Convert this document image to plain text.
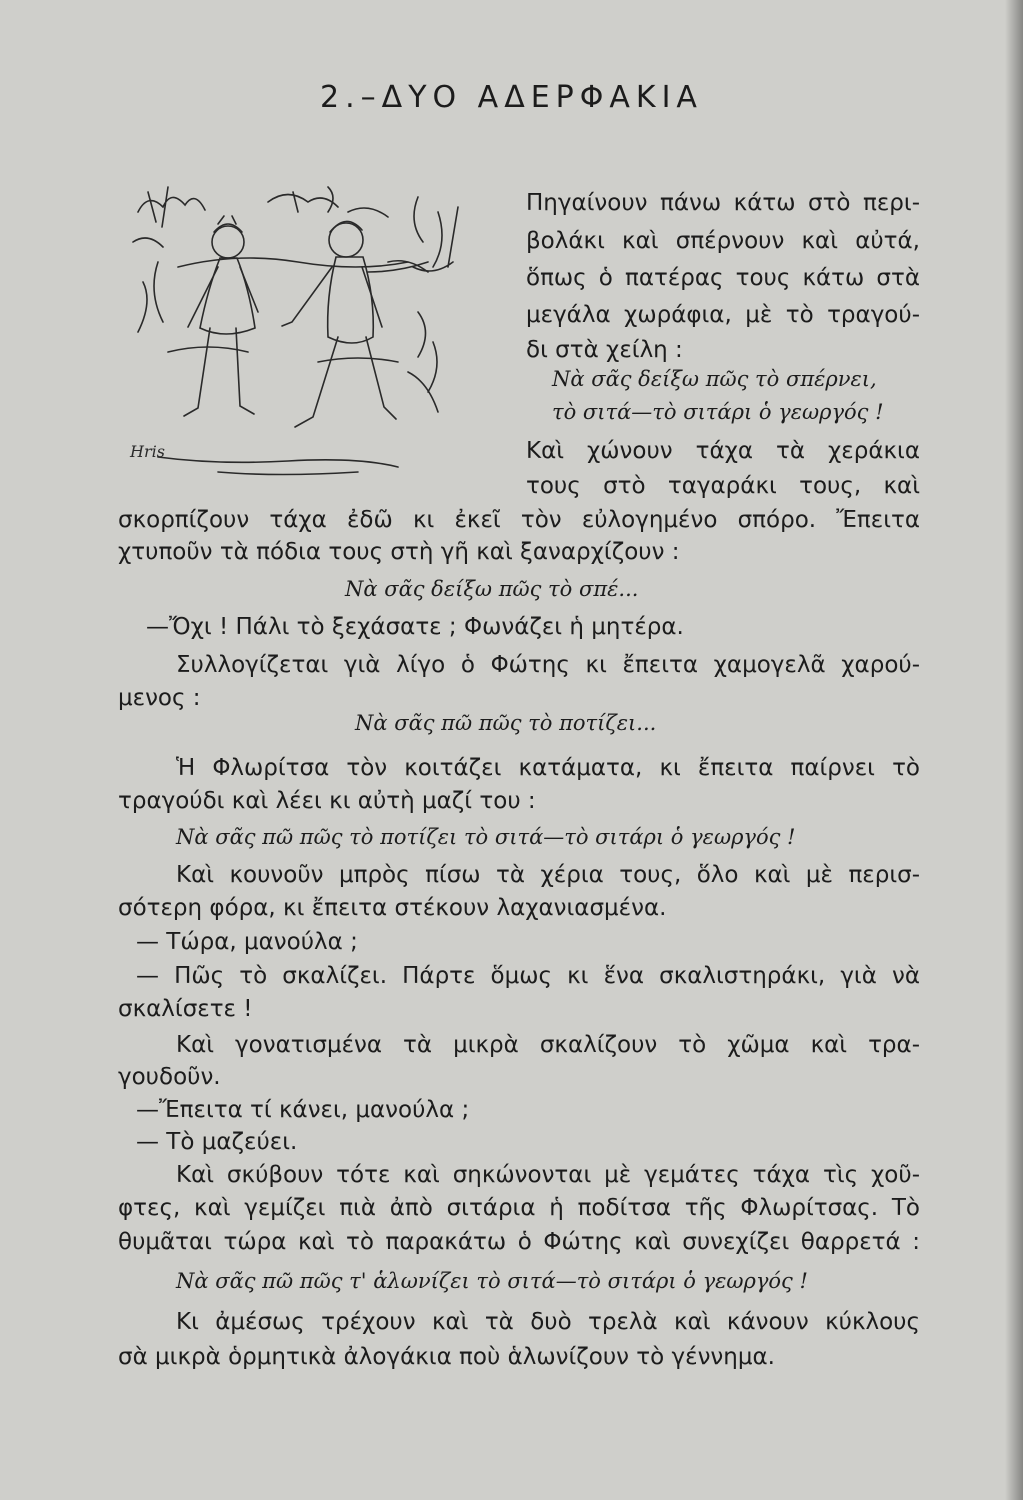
2.–ΔΥΟ ΑΔΕΡΦΑΚΙΑ
Hris
Πηγαίνουν πάνω κάτω στὸ περι-
βολάκι καὶ σπέρνουν καὶ αὐτά,
ὅπως ὁ πατέρας τους κάτω στὰ
μεγάλα χωράφια, μὲ τὸ τραγού-
δι στὰ χείλη :
Νὰ σᾶς δείξω πῶς τὸ σπέρνει,
τὸ σιτά—τὸ σιτάρι ὁ γεωργός !
Καὶ χώνουν τάχα τὰ χεράκια
τους στὸ ταγαράκι τους, καὶ
σκορπίζουν τάχα ἐδῶ κι ἐκεῖ τὸν εὐλογημένο σπόρο. Ἔπειτα
χτυποῦν τὰ πόδια τους στὴ γῆ καὶ ξαναρχίζουν :
Νὰ σᾶς δείξω πῶς τὸ σπέ...
—Ὄχι ! Πάλι τὸ ξεχάσατε ; Φωνάζει ἡ μητέρα.
Συλλογίζεται γιὰ λίγο ὁ Φώτης κι ἔπειτα χαμογελᾶ χαρού-
μενος :
Νὰ σᾶς πῶ πῶς τὸ ποτίζει...
Ἡ Φλωρίτσα τὸν κοιτάζει κατάματα, κι ἔπειτα παίρνει τὸ
τραγούδι καὶ λέει κι αὐτὴ μαζί του :
Νὰ σᾶς πῶ πῶς τὸ ποτίζει τὸ σιτά—τὸ σιτάρι ὁ γεωργός !
Καὶ κουνοῦν μπρὸς πίσω τὰ χέρια τους, ὅλο καὶ μὲ περισ-
σότερη φόρα, κι ἔπειτα στέκουν λαχανιασμένα.
— Τώρα, μανούλα ;
— Πῶς τὸ σκαλίζει. Πάρτε ὅμως κι ἕνα σκαλιστηράκι, γιὰ νὰ
σκαλίσετε !
Καὶ γονατισμένα τὰ μικρὰ σκαλίζουν τὸ χῶμα καὶ τρα-
γουδοῦν.
—Ἔπειτα τί κάνει, μανούλα ;
— Τὸ μαζεύει.
Καὶ σκύβουν τότε καὶ σηκώνονται μὲ γεμάτες τάχα τὶς χοῦ-
φτες, καὶ γεμίζει πιὰ ἀπὸ σιτάρια ἡ ποδίτσα τῆς Φλωρίτσας. Τὸ
θυμᾶται τώρα καὶ τὸ παρακάτω ὁ Φώτης καὶ συνεχίζει θαρρετά :
Νὰ σᾶς πῶ πῶς τ' ἁλωνίζει τὸ σιτά—τὸ σιτάρι ὁ γεωργός !
Κι ἀμέσως τρέχουν καὶ τὰ δυὸ τρελὰ καὶ κάνουν κύκλους
σὰ μικρὰ ὁρμητικὰ ἀλογάκια ποὺ ἁλωνίζουν τὸ γέννημα.
